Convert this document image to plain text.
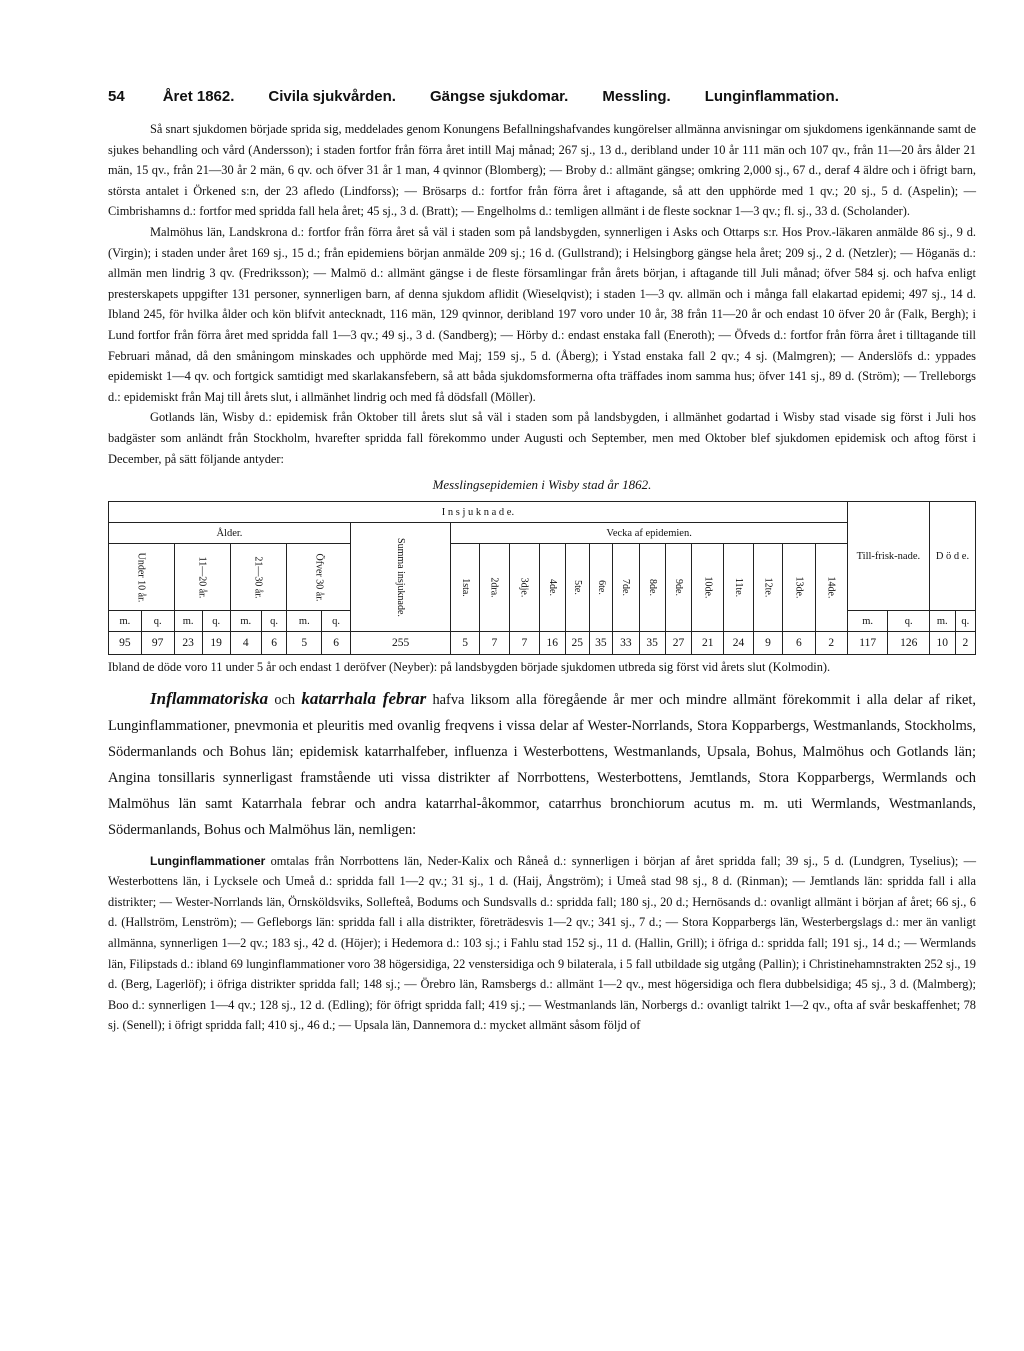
54	Året 1862. Civila sjukvården. Gängse sjukdomar. Messling. Lunginflammation.

Så snart sjukdomen började sprida sig, meddelades genom Konungens Befallningshafvandes kungörelser allmänna anvisningar om sjukdomens igenkännande samt de sjukes behandling och vård (Andersson); i staden fortfor från förra året intill Maj månad; 267 sj., 13 d., deribland under 10 år 111 män och 107 qv., från 11—20 års ålder 21 män, 15 qv., från 21—30 år 2 män, 6 qv. och öfver 31 år 1 man, 4 qvinnor (Blomberg); — Broby d.: allmänt gängse; omkring 2,000 sj., 67 d., deraf 4 äldre och i öfrigt barn, största antalet i Örkened s:n, der 23 afledo (Lindforss); — Brösarps d.: fortfor från förra året i aftagande, så att den upphörde med 1 qv.; 20 sj., 5 d. (Aspelin); — Cimbrishamns d.: fortfor med spridda fall hela året; 45 sj., 3 d. (Bratt); — Engelholms d.: temligen allmänt i de fleste socknar 1—3 qv.; fl. sj., 33 d. (Scholander).

Malmöhus län, Landskrona d.: fortfor från förra året så väl i staden som på landsbygden, synnerligen i Asks och Ottarps s:r. Hos Prov.-läkaren anmälde 86 sj., 9 d. (Virgin); i staden under året 169 sj., 15 d.; från epidemiens början anmälde 209 sj.; 16 d. (Gullstrand); i Helsingborg gängse hela året; 209 sj., 2 d. (Netzler); — Höganäs d.: allmän men lindrig 3 qv. (Fredriksson); — Malmö d.: allmänt gängse i de fleste församlingar från årets början, i aftagande till Juli månad; öfver 584 sj. och hafva enligt presterskapets uppgifter 131 personer, synnerligen barn, af denna sjukdom aflidit (Wieselqvist); i staden 1—3 qv. allmän och i många fall elakartad epidemi; 497 sj., 14 d. Ibland 245, för hvilka ålder och kön blifvit antecknadt, 116 män, 129 qvinnor, deribland 197 voro under 10 år, 38 från 11—20 år och endast 10 öfver 20 år (Falk, Bergh); i Lund fortfor från förra året med spridda fall 1—3 qv.; 49 sj., 3 d. (Sandberg); — Hörby d.: endast enstaka fall (Eneroth); — Öfveds d.: fortfor från förra året i tilltagande till Februari månad, då den småningom minskades och upphörde med Maj; 159 sj., 5 d. (Åberg); i Ystad enstaka fall 2 qv.; 4 sj. (Malmgren); — Anderslöfs d.: yppades epidemiskt 1—4 qv. och fortgick samtidigt med skarlakansfebern, så att båda sjukdomsformerna ofta träffades inom samma hus; öfver 141 sj., 89 d. (Ström); — Trelleborgs d.: epidemiskt från Maj till årets slut, i allmänhet lindrig och med få dödsfall (Möller).

Gotlands län, Wisby d.: epidemisk från Oktober till årets slut så väl i staden som på landsbygden, i allmänhet godartad i Wisby stad visade sig först i Juli hos badgäster som anländt från Stockholm, hvarefter spridda fall förekommo under Augusti och September, men med Oktober blef sjukdomen epidemisk och aftog först i December, på sätt följande antyder:

Messlingsepidemien i Wisby stad år 1862.
I n s j u k n a d e.																							Till-frisk-nade.		D ö d e.	
Ålder.								Summa insjuknade.	Vecka af epidemien.																	
Under 10 år.		11—20 år.		21—30 år.		Öfver 30 år.			1sta.	2dra.	3dje.	4de.	5te.	6te.	7de.	8de.	9de.	10de.	11te.	12te.	13de.	14de.				
m.	q.	m.	q.	m.	q.	m.	q.																m.	q.	m.	q.
95	97	23	19	4	6	5	6	255	5	7	7	16	25	35	33	35	27	21	24	9	6	2	117	126	10	2

Ibland de döde voro 11 under 5 år och endast 1 deröfver (Neyber): på landsbygden började sjukdomen utbreda sig först vid årets slut (Kolmodin).

Inflammatoriska och katarrhala febrar hafva liksom alla föregående år mer och mindre allmänt förekommit i alla delar af riket, Lunginflammationer, pnevmonia et pleuritis med ovanlig freqvens i vissa delar af Wester-Norrlands, Stora Kopparbergs, Westmanlands, Stockholms, Södermanlands och Bohus län; epidemisk katarrhalfeber, influenza i Westerbottens, Westmanlands, Upsala, Bohus, Malmöhus och Gotlands län; Angina tonsillaris synnerligast framstående uti vissa distrikter af Norrbottens, Westerbottens, Jemtlands, Stora Kopparbergs, Wermlands och Malmöhus län samt Katarrhala febrar och andra katarrhal-åkommor, catarrhus bronchiorum acutus m. m. uti Wermlands, Westmanlands, Södermanlands, Bohus och Malmöhus län, nemligen:

Lunginflammationer omtalas från Norrbottens län, Neder-Kalix och Råneå d.: synnerligen i början af året spridda fall; 39 sj., 5 d. (Lundgren, Tyselius); — Westerbottens län, i Lycksele och Umeå d.: spridda fall 1—2 qv.; 31 sj., 1 d. (Haij, Ångström); i Umeå stad 98 sj., 8 d. (Rinman); — Jemtlands län: spridda fall i alla distrikter; — Wester-Norrlands län, Örnsköldsviks, Sollefteå, Bodums och Sundsvalls d.: spridda fall; 180 sj., 20 d.; Hernösands d.: ovanligt allmänt i början af året; 66 sj., 6 d. (Hallström, Lenström); — Gefleborgs län: spridda fall i alla distrikter, företrädesvis 1—2 qv.; 341 sj., 7 d.; — Stora Kopparbergs län, Westerbergslags d.: mer än vanligt allmänna, synnerligen 1—2 qv.; 183 sj., 42 d. (Höjer); i Hedemora d.: 103 sj.; i Fahlu stad 152 sj., 11 d. (Hallin, Grill); i öfriga d.: spridda fall; 191 sj., 14 d.; — Wermlands län, Filipstads d.: ibland 69 lunginflammationer voro 38 högersidiga, 22 venstersidiga och 9 bilaterala, i 5 fall utbildade sig utgång (Pallin); i Christinehamnstrakten 252 sj., 19 d. (Berg, Lagerlöf); i öfriga distrikter spridda fall; 148 sj.; — Örebro län, Ramsbergs d.: allmänt 1—2 qv., mest högersidiga och flera dubbelsidiga; 45 sj., 3 d. (Malmberg); Boo d.: synnerligen 1—4 qv.; 128 sj., 12 d. (Edling); för öfrigt spridda fall; 419 sj.; — Westmanlands län, Norbergs d.: ovanligt talrikt 1—2 qv., ofta af svår beskaffenhet; 78 sj. (Senell); i öfrigt spridda fall; 410 sj., 46 d.; — Upsala län, Dannemora d.: mycket allmänt såsom följd of
